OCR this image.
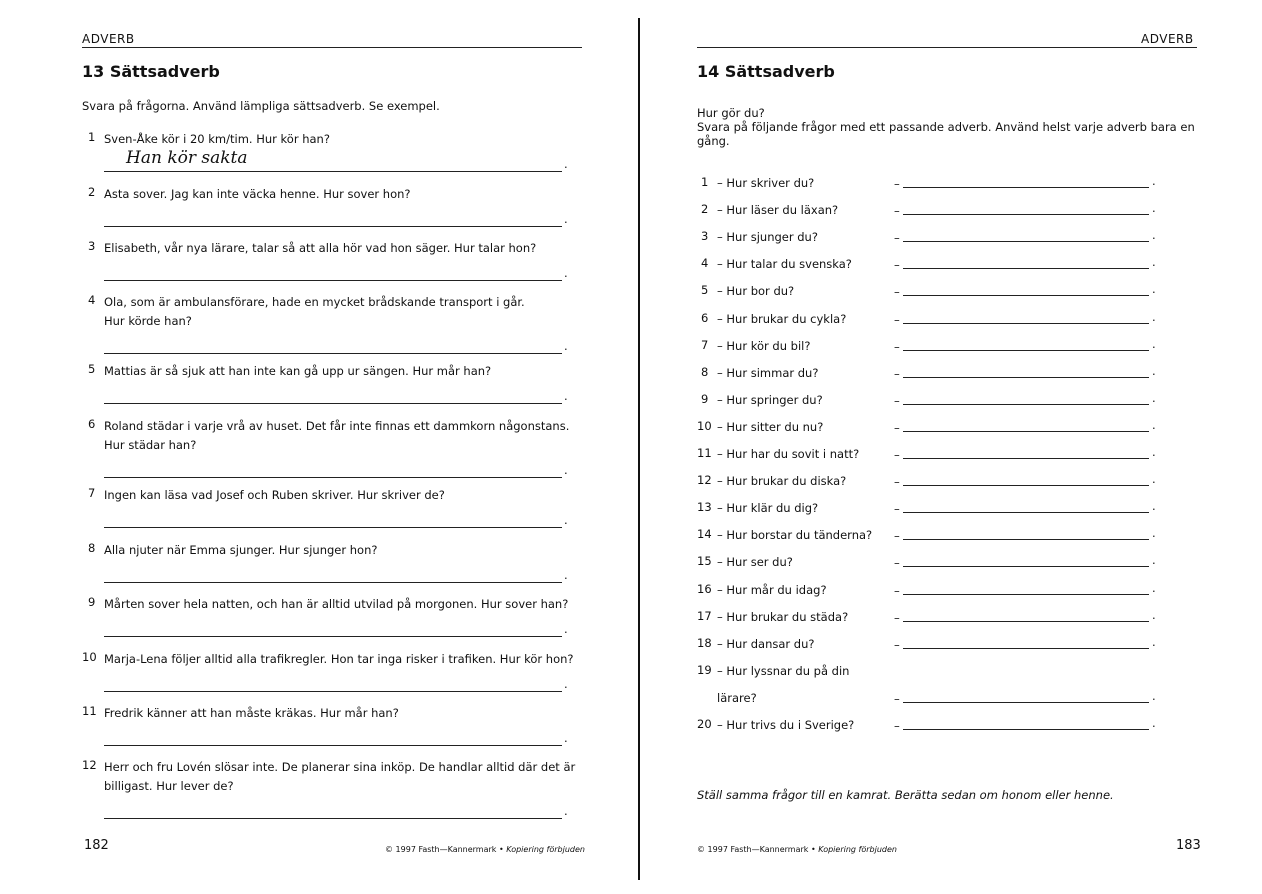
ADVERB
13 Sättsadverb
Svara på frågorna. Använd lämpliga sättsadverb. Se exempel.
1 Sven-Åke kör i 20 km/tim. Hur kör han?
.
Han kör sakta
2 Asta sover. Jag kan inte väcka henne. Hur sover hon?
.
3 Elisabeth, vår nya lärare, talar så att alla hör vad hon säger. Hur talar hon?
.
4 Ola, som är ambulansförare, hade en mycket brådskande transport i går.
Hur körde han?
.
5 Mattias är så sjuk att han inte kan gå upp ur sängen. Hur mår han?
.
6 Roland städar i varje vrå av huset. Det får inte finnas ett dammkorn någonstans.
Hur städar han?
.
7 Ingen kan läsa vad Josef och Ruben skriver. Hur skriver de?
.
8 Alla njuter när Emma sjunger. Hur sjunger hon?
.
9 Mårten sover hela natten, och han är alltid utvilad på morgonen. Hur sover han?
.
10 Marja-Lena följer alltid alla trafikregler. Hon tar inga risker i trafiken. Hur kör hon?
.
11 Fredrik känner att han måste kräkas. Hur mår han?
.
12 Herr och fru Lovén slösar inte. De planerar sina inköp. De handlar alltid där det är
billigast. Hur lever de?
.
182	© 1997 Fasth—Kannermark • Kopiering förbjuden
ADVERB
14 Sättsadverb
Hur gör du?
Svara på följande frågor med ett passande adverb. Använd helst varje adverb bara en
gång.
1 – Hur skriver du?	–	.
2 – Hur läser du läxan?	–	.
3 – Hur sjunger du?	–	.
4 – Hur talar du svenska?	–	.
5 – Hur bor du?	–	.
6 – Hur brukar du cykla?	–	.
7 – Hur kör du bil?	–	.
8 – Hur simmar du?	–	.
9 – Hur springer du?	–	.
10 – Hur sitter du nu?	–	.
11 – Hur har du sovit i natt?	–	.
12 – Hur brukar du diska?	–	.
13 – Hur klär du dig?	–	.
14 – Hur borstar du tänderna? –	.
15 – Hur ser du?	–	.
16 – Hur mår du idag?	–	.
17 – Hur brukar du städa?	–	.
18 – Hur dansar du?	–	.
19 – Hur lyssnar du på din
lärare?	–	.
20 – Hur trivs du i Sverige?	–	.
Ställ samma frågor till en kamrat. Berätta sedan om honom eller henne.
© 1997 Fasth—Kannermark • Kopiering förbjuden	183
